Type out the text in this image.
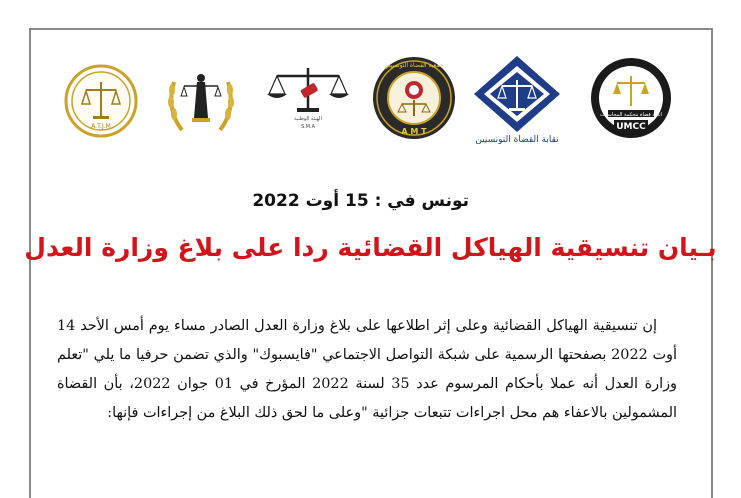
A.T.J.M
الهيئة الوطنية
S.M.A	A M T
جمعية القضاة التونسيين
نقابة القضاة التونسيين
اتحاد قضاة محكمة المحاسبات
UMCC
تونس في : 15 أوت 2022
بـيان تنسيقية الهياكل القضائية ردا على بلاغ وزارة العدل

إن تنسيقية الهياكل القضائية وعلى إثر اطلاعها على بلاغ وزارة العدل الصادر مساء يوم أمس الأحد 14 أوت 2022 بصفحتها الرسمية على شبكة التواصل الاجتماعي "فايسبوك" والذي تضمن حرفيا ما يلي "تعلم وزارة العدل أنه عملا بأحكام المرسوم عدد 35 لسنة 2022 المؤرخ في 01 جوان 2022، بأن القضاة المشمولين بالاعفاء هم محل اجراءات تتبعات جزائية "وعلى ما لحق ذلك البلاغ من إجراءات فإنها:
